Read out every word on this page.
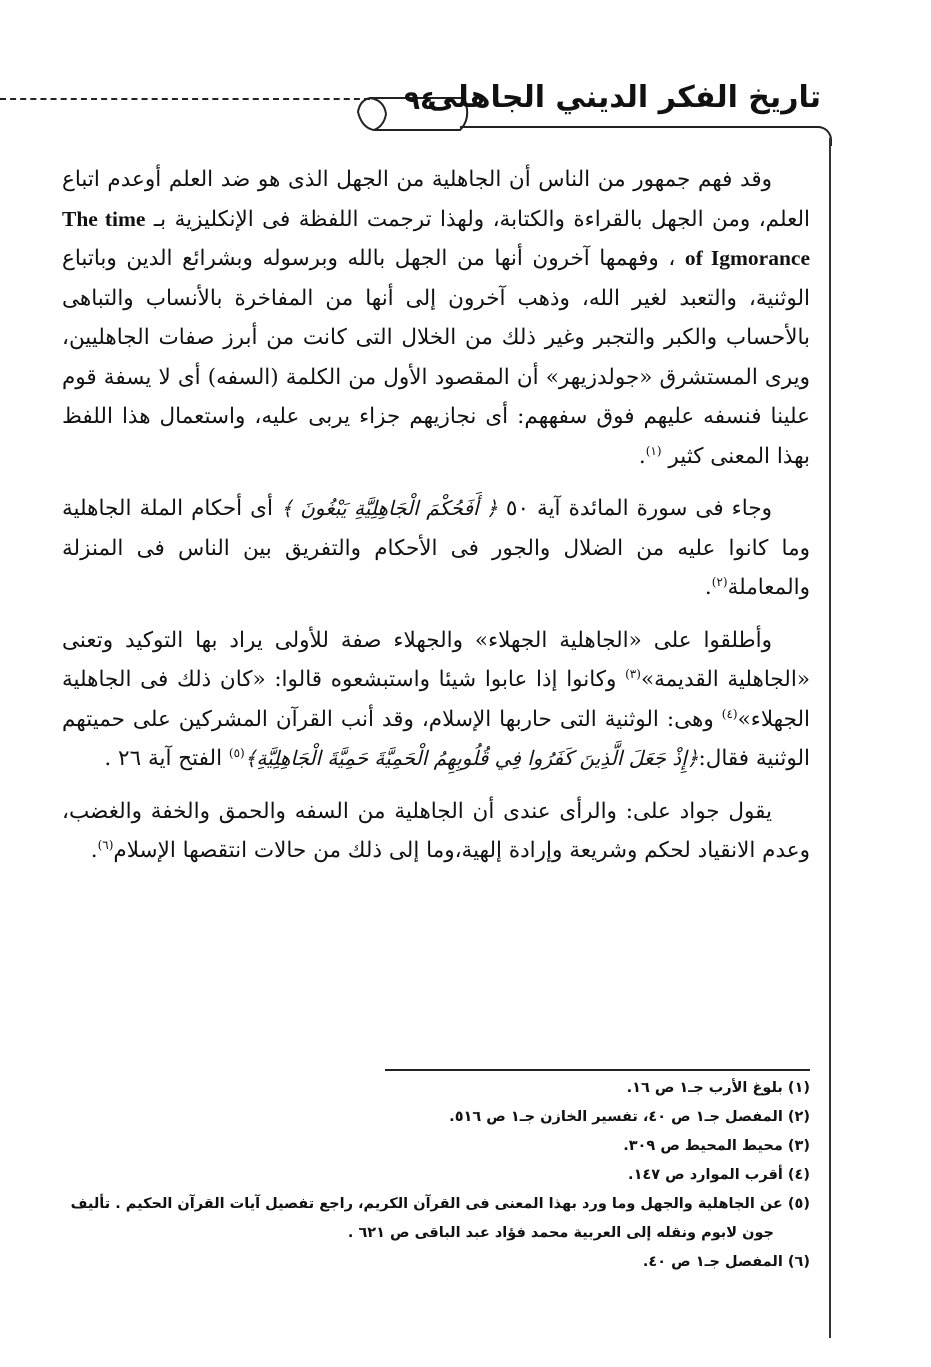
٩٤
تاريخ الفكر الديني الجاهلى

وقد فهم جمهور من الناس أن الجاهلية من الجهل الذى هو ضد العلم أوعدم اتباع العلم، ومن الجهل بالقراءة والكتابة، ولهذا ترجمت اللفظة فى الإنكليزية بـ The time of Igmorance ، وفهمها آخرون أنها من الجهل بالله وبرسوله وبشرائع الدين وباتباع الوثنية، والتعبد لغير الله، وذهب آخرون إلى أنها من المفاخرة بالأنساب والتباهى بالأحساب والكبر والتجبر وغير ذلك من الخلال التى كانت من أبرز صفات الجاهليين، ويرى المستشرق «جولدزيهر» أن المقصود الأول من الكلمة (السفه) أى لا يسفة قوم علينا فنسفه عليهم فوق سفههم: أى نجازيهم جزاء يربى عليه، واستعمال هذا اللفظ بهذا المعنى كثير $^{(١)}$.

وجاء فى سورة المائدة آية ٥٠ ﴿ أَفَحُكْمَ الْجَاهِلِيَّةِ يَبْغُونَ ﴾ أى أحكام الملة الجاهلية وما كانوا عليه من الضلال والجور فى الأحكام والتفريق بين الناس فى المنزلة والمعاملة$^{(٢)}$.

وأطلقوا على «الجاهلية الجهلاء» والجهلاء صفة للأولى يراد بها التوكيد وتعنى «الجاهلية القديمة»$^{(٣)}$ وكانوا إذا عابوا شيئا واستبشعوه قالوا: «كان ذلك فى الجاهلية الجهلاء»$^{(٤)}$ وهى: الوثنية التى حاربها الإسلام، وقد أنب القرآن المشركين على حميتهم الوثنية فقال:﴿إِذْ جَعَلَ الَّذِينَ كَفَرُوا فِي قُلُوبِهِمُ الْحَمِيَّةَ حَمِيَّةَ الْجَاهِلِيَّةِ﴾$^{(٥)}$ الفتح آية ٢٦ .

يقول جواد على: والرأى عندى أن الجاهلية من السفه والحمق والخفة والغضب، وعدم الانقياد لحكم وشريعة وإرادة إلهية،وما إلى ذلك من حالات انتقصها الإسلام$^{(٦)}$.

(١) بلوغ الأرب جـ١ ص ١٦.

(٢) المفصل جـ١ ص ٤٠، تفسير الخازن جـ١ ص ٥١٦.

(٣) محيط المحيط ص ٣٠٩.

(٤) أقرب الموارد ص ١٤٧.

(٥) عن الجاهلية والجهل وما ورد بهذا المعنى فى القرآن الكريم، راجع تفصيل آيات القرآن الحكيم . تأليف

جون لابوم ونقله إلى العربية محمد فؤاد عبد الباقى ص ٦٢١ .

(٦) المفصل جـ١ ص ٤٠.
